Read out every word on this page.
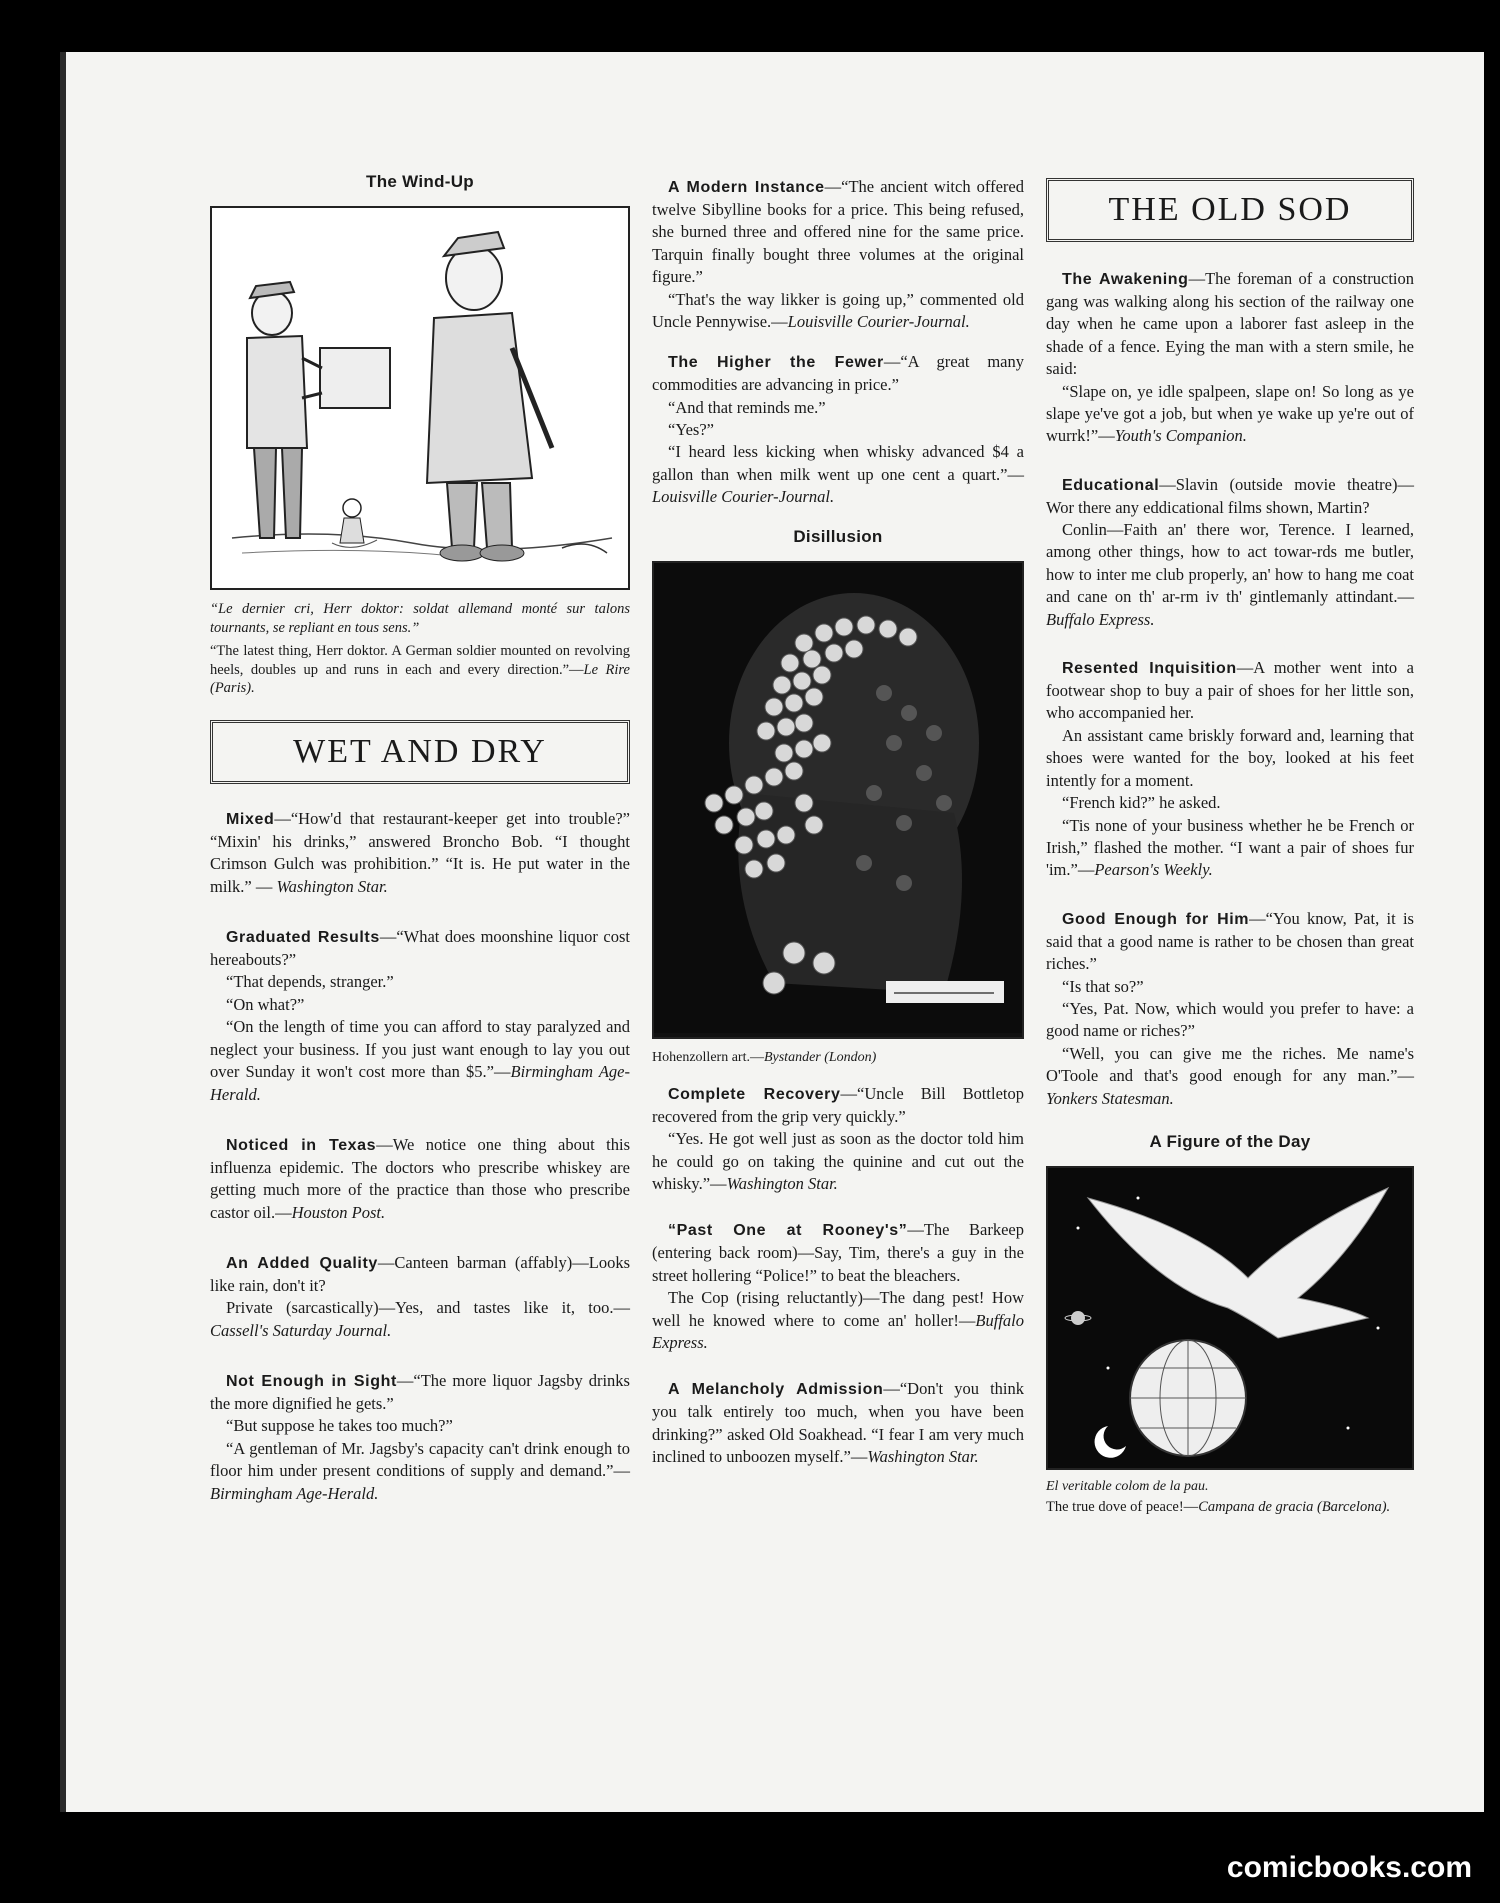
The Wind-Up

“Le dernier cri, Herr doktor: soldat allemand monté sur talons tournants, se repliant en tous sens.”

“The latest thing, Herr doktor. A German soldier mounted on revolving heels, doubles up and runs in each and every direction.”—Le Rire (Paris).

WET AND DRY

Mixed—“How'd that restaurant-keeper get into trouble?” “Mixin' his drinks,” answered Broncho Bob. “I thought Crimson Gulch was prohibition.” “It is. He put water in the milk.” — Washington Star.

Graduated Results—“What does moonshine liquor cost hereabouts?”

“That depends, stranger.”

“On what?”

“On the length of time you can afford to stay paralyzed and neglect your business. If you just want enough to lay you out over Sunday it won't cost more than $5.”—Birmingham Age-Herald.

Noticed in Texas—We notice one thing about this influenza epidemic. The doctors who prescribe whiskey are getting much more of the practice than those who prescribe castor oil.—Houston Post.

An Added Quality—Canteen barman (affably)—Looks like rain, don't it?

Private (sarcastically)—Yes, and tastes like it, too.—Cassell's Saturday Journal.

Not Enough in Sight—“The more liquor Jagsby drinks the more dignified he gets.”

“But suppose he takes too much?”

“A gentleman of Mr. Jagsby's capacity can't drink enough to floor him under present conditions of supply and demand.”—Birmingham Age-Herald.

A Modern Instance—“The ancient witch offered twelve Sibylline books for a price. This being refused, she burned three and offered nine for the same price. Tarquin finally bought three volumes at the original figure.”

“That's the way likker is going up,” commented old Uncle Pennywise.—Louisville Courier-Journal.

The Higher the Fewer—“A great many commodities are advancing in price.”

“And that reminds me.”

“Yes?”

“I heard less kicking when whisky advanced $4 a gallon than when milk went up one cent a quart.”—Louisville Courier-Journal.

Disillusion

Hohenzollern art.—Bystander (London)

Complete Recovery—“Uncle Bill Bottletop recovered from the grip very quickly.”

“Yes. He got well just as soon as the doctor told him he could go on taking the quinine and cut out the whisky.”—Washington Star.

“Past One at Rooney's”—The Barkeep (entering back room)—Say, Tim, there's a guy in the street hollering “Police!” to beat the bleachers.

The Cop (rising reluctantly)—The dang pest! How well he knowed where to come an' holler!—Buffalo Express.

A Melancholy Admission—“Don't you think you talk entirely too much, when you have been drinking?” asked Old Soakhead. “I fear I am very much inclined to unboozen myself.”—Washington Star.

THE OLD SOD

The Awakening—The foreman of a construction gang was walking along his section of the railway one day when he came upon a laborer fast asleep in the shade of a fence. Eying the man with a stern smile, he said:

“Slape on, ye idle spalpeen, slape on! So long as ye slape ye've got a job, but when ye wake up ye're out of wurrk!”—Youth's Companion.

Educational—Slavin (outside movie theatre)—Wor there any eddicational films shown, Martin?

Conlin—Faith an' there wor, Terence. I learned, among other things, how to act towar-rds me butler, how to inter me club properly, an' how to hang me coat and cane on th' ar-rm iv th' gintlemanly attindant.—Buffalo Express.

Resented Inquisition—A mother went into a footwear shop to buy a pair of shoes for her little son, who accompanied her.

An assistant came briskly forward and, learning that shoes were wanted for the boy, looked at his feet intently for a moment.

“French kid?” he asked.

“Tis none of your business whether he be French or Irish,” flashed the mother. “I want a pair of shoes fur 'im.”—Pearson's Weekly.

Good Enough for Him—“You know, Pat, it is said that a good name is rather to be chosen than great riches.”

“Is that so?”

“Yes, Pat. Now, which would you prefer to have: a good name or riches?”

“Well, you can give me the riches. Me name's O'Toole and that's good enough for any man.”—Yonkers Statesman.

A Figure of the Day

El veritable colom de la pau.

The true dove of peace!—Campana de gracia (Barcelona).

comicbooks.com
